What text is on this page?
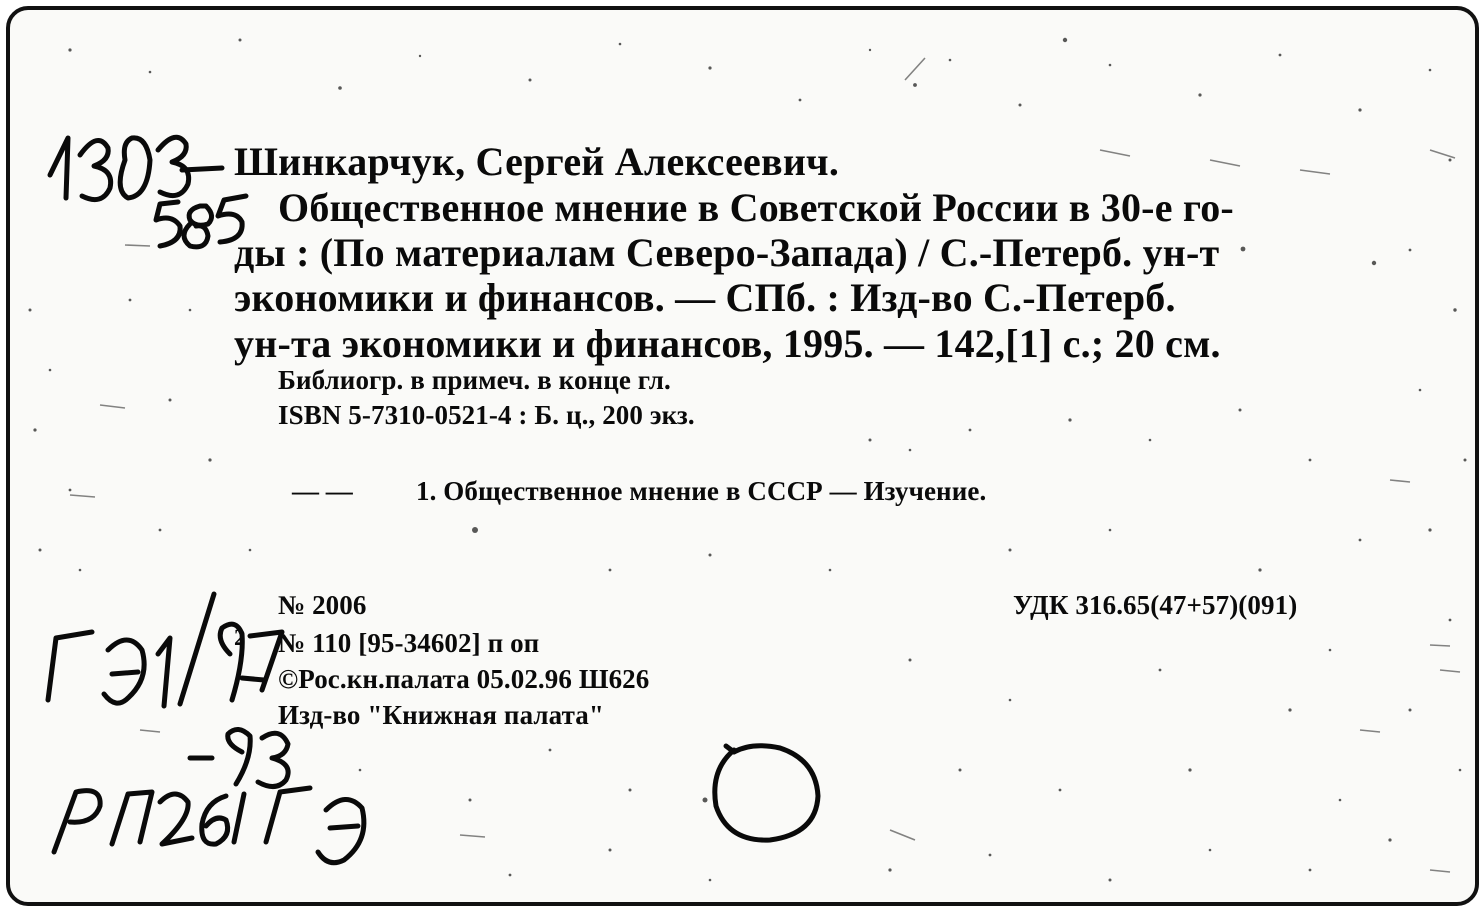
Шинкарчук, Сергей Алексеевич.
Общественное мнение в Советской России в 30-е го-
ды : (По материалам Северо-Запада) / С.-Петерб. ун-т
экономики и финансов. — СПб. : Изд-во С.-Петерб.
ун-та экономики и финансов, 1995. — 142,[1] с.; 20 см.
Библиогр. в примеч. в конце гл.
ISBN 5-7310-0521-4 : Б. ц., 200 экз.
— — 1. Общественное мнение в СССР — Изучение.
№ 2006	УДК 316.65(47+57)(091)
2 № 110 [95-34602] п оп
©Рос.кн.палата 05.02.96 Ш626
Изд-во "Книжная палата"
